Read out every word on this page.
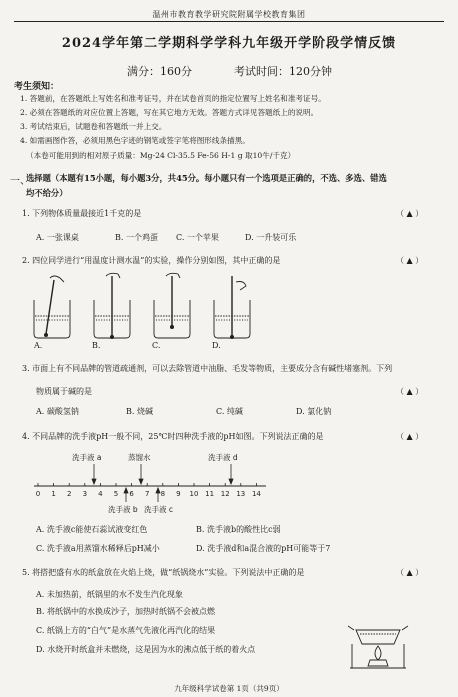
温州市教育教学研究院附属学校教育集团
2024学年第二学期科学学科九年级开学阶段学情反馈
满分：160分	考试时间：120分钟
考生须知：
1. 答题前，在答题纸上写姓名和准考证号，并在试卷首页的指定位置写上姓名和准考证号。
2. 必须在答题纸的对应位置上答题，写在其它地方无效。答题方式详见答题纸上的说明。
3. 考试结束后，试题卷和答题纸一并上交。
4. 如需画图作答，必须用黑色字迹的钢笔或签字笔将图形线条描黑。
（本卷可能用到的相对原子质量：Mg-24 Cl-35.5 Fe-56 H-1 g 取10牛/千克）
一、
选择题（本题有15小题，每小题3分，共45分。每小题只有一个选项是正确的，不选、多选、错选
均不给分）
1. 下列物体质量最接近1千克的是	（ ▲ ）
A. 一张课桌	B. 一个鸡蛋 C. 一个苹果	D. 一升装可乐
2. 四位同学进行“用温度计测水温”的实验，操作分别如图，其中正确的是	（ ▲ ）
A.	B.	C.	D.
3. 市面上有不同品牌的管道疏通剂，可以去除管道中油脂、毛发等物质，主要成分含有碱性堵塞剂。下列
物质属于碱的是	（ ▲ ）
A. 碳酸氢钠	B. 烧碱	C. 纯碱	D. 氯化钠
4. 不同品牌的洗手液pH一般不同，25℃时四种洗手液的pH如图。下列说法正确的是	（ ▲ ）
0 1 2 3 4 5 6 7 8 9 10 11 12 13 14
洗手液 a	蒸馏水	洗手液 d
洗手液 b 洗手液 c
A. 洗手液c能使石蕊试液变红色	B. 洗手液b的酸性比c弱
C. 洗手液a用蒸馏水稀释后pH减小	D. 洗手液d和a混合液的pH可能等于7
5. 将搭把盛有水的纸盒放在火焰上烧，做“纸锅烧水”实验。下列说法中正确的是	（ ▲ ）
A. 未加热前，纸锅里的水不发生汽化现象
B. 将纸锅中的水换成沙子，加热时纸锅不会被点燃
C. 纸锅上方的“白气”是水蒸气先液化再汽化的结果
D. 水烧开时纸盒并未燃烧，这是因为水的沸点低于纸的着火点
九年级科学试卷第 1页（共9页）
